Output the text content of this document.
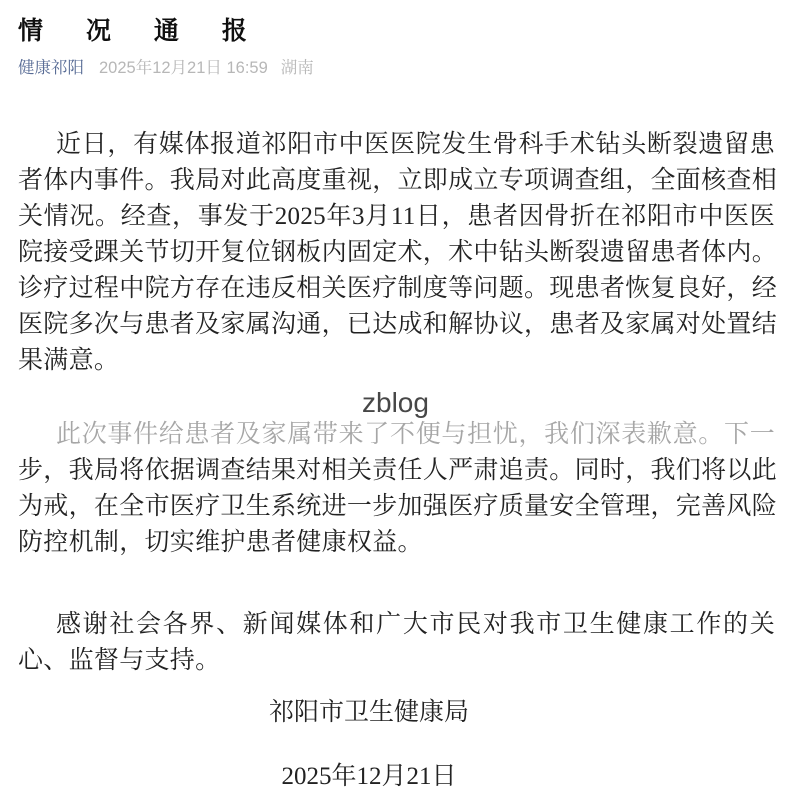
情 况 通 报
健康祁阳 2025年12月21日 16:59 湖南
zblog
近日，有媒体报道祁阳市中医医院发生骨科手术钻头断裂遗留患
者体内事件。我局对此高度重视，立即成立专项调查组，全面核查相
关情况。经查，事发于2025年3月11日，患者因骨折在祁阳市中医医
院接受踝关节切开复位钢板内固定术，术中钻头断裂遗留患者体内。
诊疗过程中院方存在违反相关医疗制度等问题。现患者恢复良好，经
医院多次与患者及家属沟通，已达成和解协议，患者及家属对处置结
果满意。
此次事件给患者及家属带来了不便与担忧，我们深表歉意。下一
步，我局将依据调查结果对相关责任人严肃追责。同时，我们将以此
为戒，在全市医疗卫生系统进一步加强医疗质量安全管理，完善风险
防控机制，切实维护患者健康权益。
感谢社会各界、新闻媒体和广大市民对我市卫生健康工作的关
心、监督与支持。
祁阳市卫生健康局
2025年12月21日
